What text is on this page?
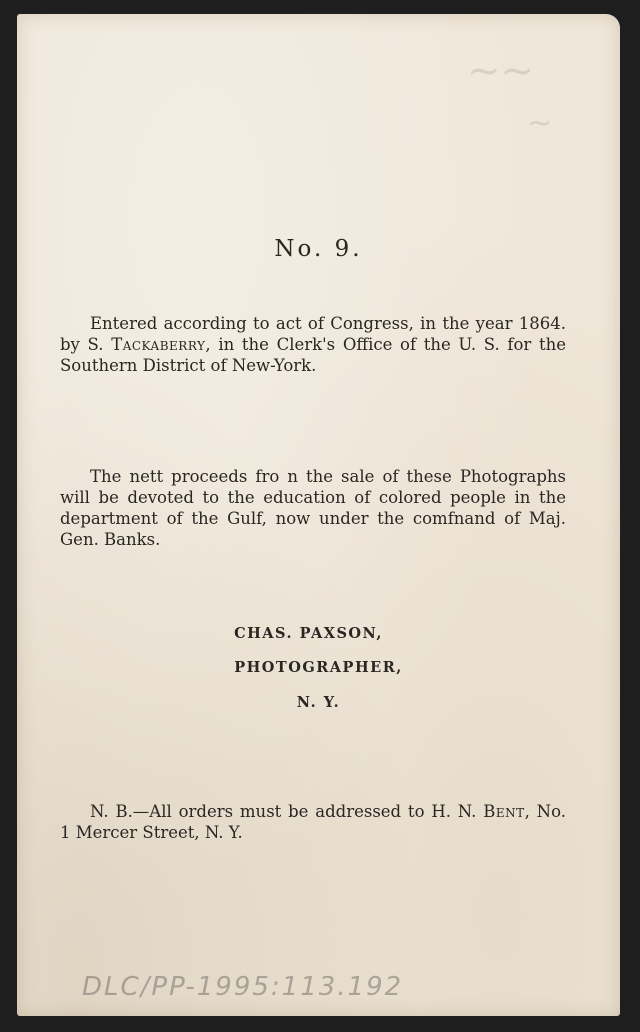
~~
~
No. 9.
Entered according to act of Congress, in the year 1864. by S. Tackaberry, in the Clerk's Office of the U. S. for the Southern District of New-York.
The nett proceeds fro n the sale of these Photographs will be devoted to the education of colored people in the department of the Gulf, now under the comfnand of Maj. Gen. Banks.
CHAS. PAXSON,
PHOTOGRAPHER,
N. Y.
N. B.—All orders must be addressed to H. N. Bent, No. 1 Mercer Street, N. Y.
DLC/PP-1995:113.192
